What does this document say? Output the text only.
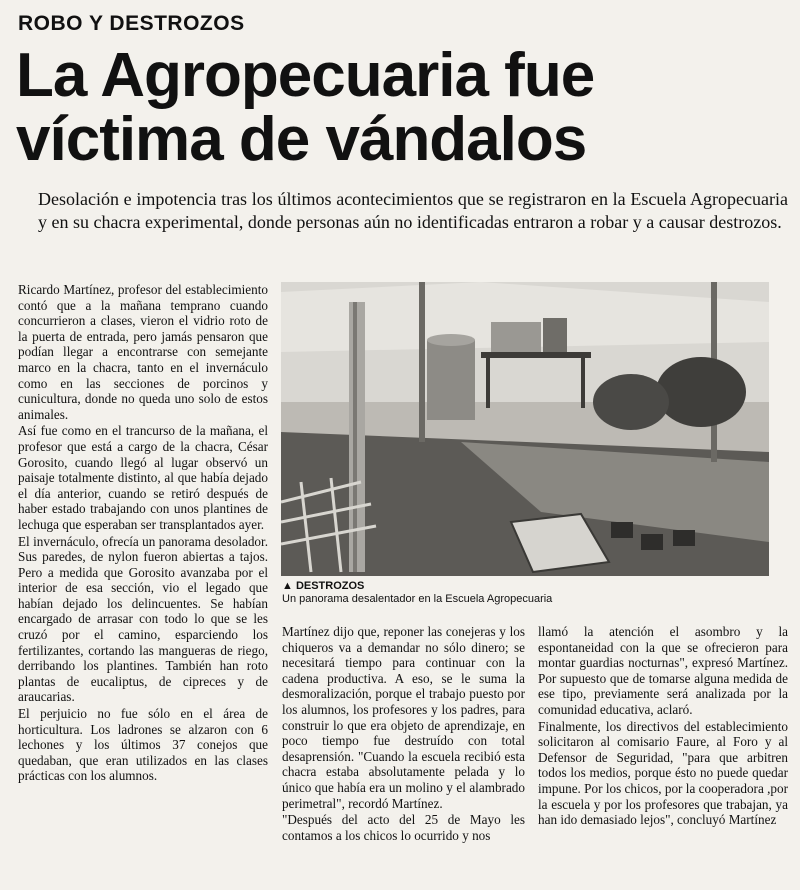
ROBO Y DESTROZOS
La Agropecuaria fue
víctima de vándalos
Desolación e impotencia tras los últimos acontecimientos que se registraron en la Escuela Agropecuaria y en su chacra experimental, donde personas aún no identificadas entraron a robar y a causar destrozos.

Ricardo Martínez, profesor del establecimiento contó que a la mañana temprano cuando concurrieron a clases, vieron el vidrio roto de la puerta de entrada, pero jamás pensaron que podían llegar a encontrarse con semejante marco en la chacra, tanto en el invernáculo como en las secciones de porcinos y cunicultura, donde no queda uno solo de estos animales.

Así fue como en el trancurso de la mañana, el profesor que está a cargo de la chacra, César Gorosito, cuando llegó al lugar observó un paisaje totalmente distinto, al que había dejado el día anterior, cuando se retiró después de haber estado trabajando con unos plantines de lechuga que esperaban ser transplantados ayer.

El invernáculo, ofrecía un panorama desolador. Sus paredes, de nylon fueron abiertas a tajos. Pero a medida que Gorosito avanzaba por el interior de esa sección, vio el legado que habían dejado los delincuentes. Se habían encargado de arrasar con todo lo que se les cruzó por el camino, esparciendo los fertilizantes, cortando las mangueras de riego, derribando los plantines. También han roto plantas de eucaliptus, de cipreces y de araucarias.

El perjuicio no fue sólo en el área de horticultura. Los ladrones se alzaron con 6 lechones y los últimos 37 conejos que quedaban, que eran utilizados en las clases prácticas con los alumnos.

▲ DESTROZOS
Un panorama desalentador en la Escuela Agropecuaria

Martínez dijo que, reponer las conejeras y los chiqueros va a demandar no sólo dinero; se necesitará tiempo para continuar con la cadena productiva. A eso, se le suma la desmoralización, porque el trabajo puesto por los alumnos, los profesores y los padres, para construir lo que era objeto de aprendizaje, en poco tiempo fue destruído con total desaprensión. "Cuando la escuela recibió esta chacra estaba absolutamente pelada y lo único que había era un molino y el alambrado perimetral", recordó Martínez.

"Después del acto del 25 de Mayo les contamos a los chicos lo ocurrido y nos

llamó la atención el asombro y la espontaneidad con la que se ofrecieron para montar guardias nocturnas", expresó Martínez. Por supuesto que de tomarse alguna medida de ese tipo, previamente será analizada por la comunidad educativa, aclaró.

Finalmente, los directivos del establecimiento solicitaron al comisario Faure, al Foro y al Defensor de Seguridad, "para que arbitren todos los medios, porque ésto no puede quedar impune. Por los chicos, por la cooperadora ,por la escuela y por los profesores que trabajan, ya han ido demasiado lejos", concluyó Martínez
